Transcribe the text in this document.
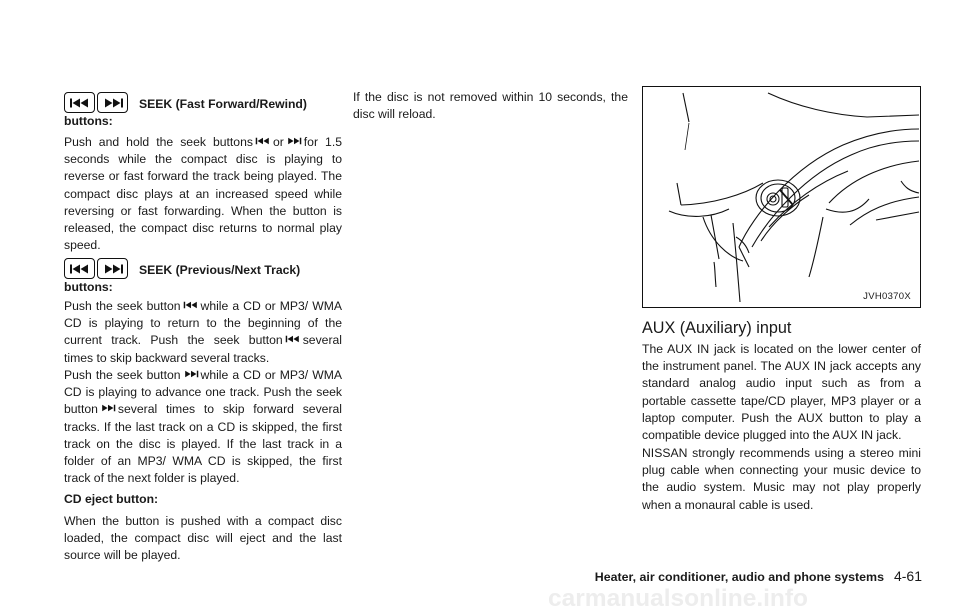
SEEK (Fast Forward/Rewind)

buttons:

Push and hold the seek buttons or for 1.5 seconds while the compact disc is playing to reverse or fast forward the track being played. The compact disc plays at an increased speed while reversing or fast forwarding. When the button is released, the compact disc returns to normal play speed.

SEEK (Previous/Next Track)

buttons:

Push the seek button while a CD or MP3/ WMA CD is playing to return to the beginning of the current track. Push the seek button several times to skip backward several tracks.

Push the seek button while a CD or MP3/ WMA CD is playing to advance one track. Push the seek button several times to skip forward several tracks. If the last track on a CD is skipped, the first track on the disc is played. If the last track in a folder of an MP3/ WMA CD is skipped, the first track of the next folder is played.

CD eject button:

When the button is pushed with a compact disc loaded, the compact disc will eject and the last source will be played.

If the disc is not removed within 10 seconds, the disc will reload.

JVH0370X
AUX (Auxiliary) input

The AUX IN jack is located on the lower center of the instrument panel. The AUX IN jack accepts any standard analog audio input such as from a portable cassette tape/CD player, MP3 player or a laptop computer. Push the AUX button to play a compatible device plugged into the AUX IN jack.

NISSAN strongly recommends using a stereo mini plug cable when connecting your music device to the audio system. Music may not play properly when a monaural cable is used.

Heater, air conditioner, audio and phone systems 4-61
carmanualsonline.info
